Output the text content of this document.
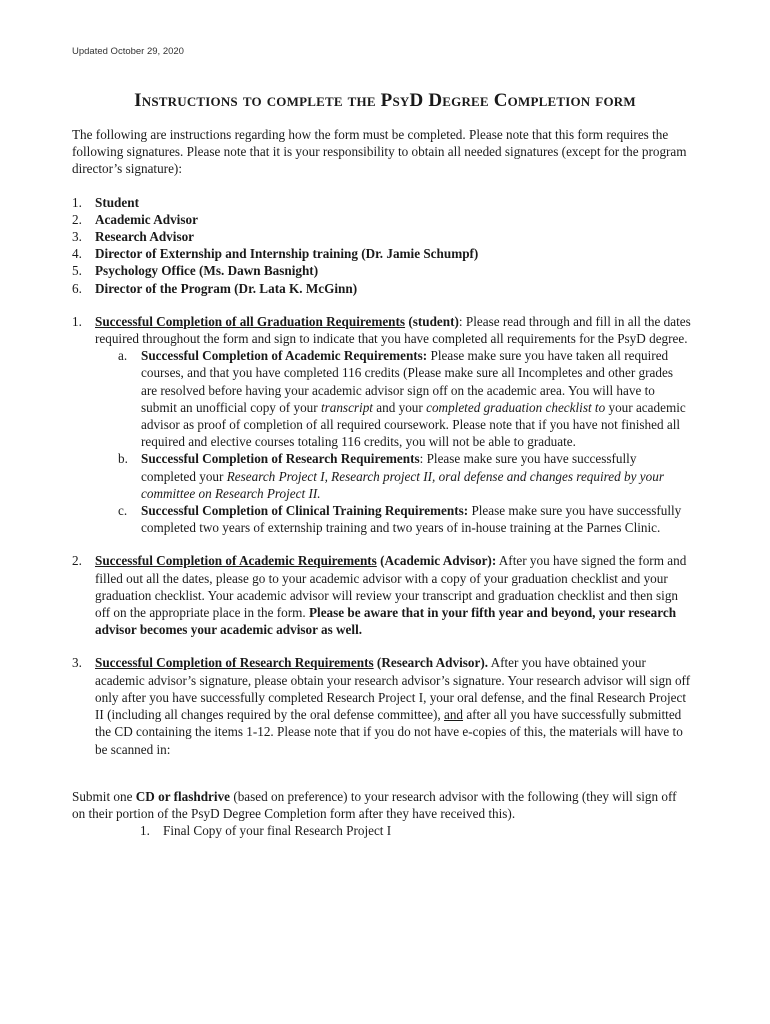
Updated October 29, 2020
Instructions to complete the PsyD Degree Completion form

The following are instructions regarding how the form must be completed. Please note that this form requires the following signatures. Please note that it is your responsibility to obtain all needed signatures (except for the program director’s signature):

1. Student
2. Academic Advisor
3. Research Advisor
4. Director of Externship and Internship training (Dr. Jamie Schumpf)
5. Psychology Office (Ms. Dawn Basnight)
6. Director of the Program (Dr. Lata K. McGinn)
1. Successful Completion of all Graduation Requirements (student): Please read through and fill in all the dates required throughout the form and sign to indicate that you have completed all requirements for the PsyD degree.

a.	Successful Completion of Academic Requirements: Please make sure you have taken all required courses, and that you have completed 116 credits (Please make sure all Incompletes and other grades are resolved before having your academic advisor sign off on the academic area. You will have to submit an unofficial copy of your transcript and your completed graduation checklist to your academic advisor as proof of completion of all required coursework. Please note that if you have not finished all required and elective courses totaling 116 credits, you will not be able to graduate.

b. Successful Completion of Research Requirements: Please make sure you have successfully completed your Research Project I, Research project II, oral defense and changes required by your committee on Research Project II.

c.	Successful Completion of Clinical Training Requirements: Please make sure you have successfully completed two years of externship training and two years of in-house training at the Parnes Clinic.

2. Successful Completion of Academic Requirements (Academic Advisor): After you have signed the form and filled out all the dates, please go to your academic advisor with a copy of your graduation checklist and your graduation checklist. Your academic advisor will review your transcript and graduation checklist and then sign off on the appropriate place in the form. Please be aware that in your fifth year and beyond, your research advisor becomes your academic advisor as well.

3. Successful Completion of Research Requirements (Research Advisor). After you have obtained your academic advisor’s signature, please obtain your research advisor’s signature. Your research advisor will sign off only after you have successfully completed Research Project I, your oral defense, and the final Research Project II (including all changes required by the oral defense committee), and after all you have successfully submitted the CD containing the items 1-12. Please note that if you do not have e-copies of this, the materials will have to be scanned in:

Submit one CD or flashdrive (based on preference) to your research advisor with the following (they will sign off on their portion of the PsyD Degree Completion form after they have received this).

1. Final Copy of your final Research Project I
